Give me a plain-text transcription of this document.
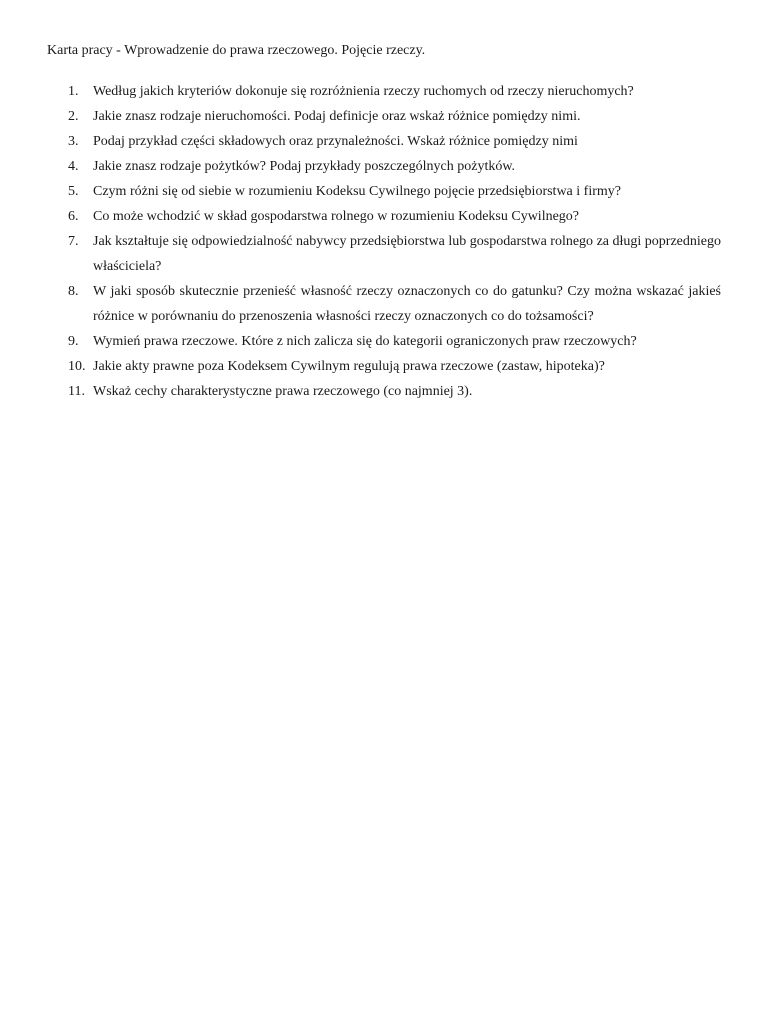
Karta pracy - Wprowadzenie do prawa rzeczowego. Pojęcie rzeczy.
1. Według jakich kryteriów dokonuje się rozróżnienia rzeczy ruchomych od rzeczy nieruchomych?
2. Jakie znasz rodzaje nieruchomości. Podaj definicje oraz wskaż różnice pomiędzy nimi.
3. Podaj przykład części składowych oraz przynależności. Wskaż różnice pomiędzy nimi
4. Jakie znasz rodzaje pożytków? Podaj przykłady poszczególnych pożytków.
5. Czym różni się od siebie w rozumieniu Kodeksu Cywilnego pojęcie przedsiębiorstwa i firmy?
6. Co może wchodzić w skład gospodarstwa rolnego w rozumieniu Kodeksu Cywilnego?
7. Jak kształtuje się odpowiedzialność nabywcy przedsiębiorstwa lub gospodarstwa rolnego za długi poprzedniego właściciela?
8. W jaki sposób skutecznie przenieść własność rzeczy oznaczonych co do gatunku? Czy można wskazać jakieś różnice w porównaniu do przenoszenia własności rzeczy oznaczonych co do tożsamości?
9. Wymień prawa rzeczowe. Które z nich zalicza się do kategorii ograniczonych praw rzeczowych?
10. Jakie akty prawne poza Kodeksem Cywilnym regulują prawa rzeczowe (zastaw, hipoteka)?
11. Wskaż cechy charakterystyczne prawa rzeczowego (co najmniej 3).
